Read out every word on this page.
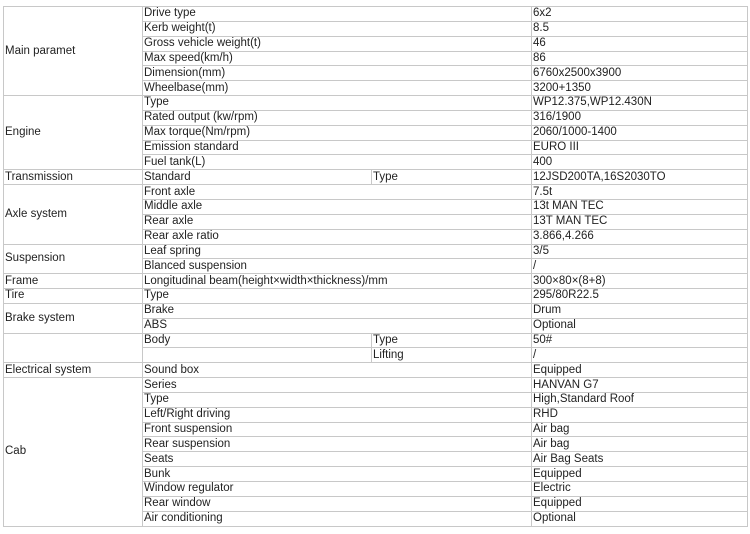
Main paramet	Drive type		6x2
	Kerb weight(t)		8.5
	Gross vehicle weight(t)		46
	Max speed(km/h)		86
	Dimension(mm)		6760x2500x3900
	Wheelbase(mm)		3200+1350
Engine	Type		WP12.375,WP12.430N
	Rated output (kw/rpm)		316/1900
	Max torque(Nm/rpm)		2060/1000-1400
	Emission standard		EURO III
	Fuel tank(L)		400
Transmission	Standard	Type	12JSD200TA,16S2030TO
Axle system	Front axle		7.5t
	Middle axle		13t MAN TEC
	Rear axle		13T MAN TEC
	Rear axle ratio		3.866,4.266
Suspension	Leaf spring		3/5
	Blanced suspension		/
Frame	Longitudinal beam(height×width×thickness)/mm		300×80×(8+8)
Tire	Type		295/80R22.5
Brake system	Brake		Drum
	ABS		Optional
	Body	Type	50#
		Lifting	/
Electrical system	Sound box		Equipped
Cab	Series		HANVAN G7
	Type		High,Standard Roof
	Left/Right driving		RHD
	Front suspension		Air bag
	Rear suspension		Air bag
	Seats		Air Bag Seats
	Bunk		Equipped
	Window regulator		Electric
	Rear window		Equipped
	Air conditioning		Optional
